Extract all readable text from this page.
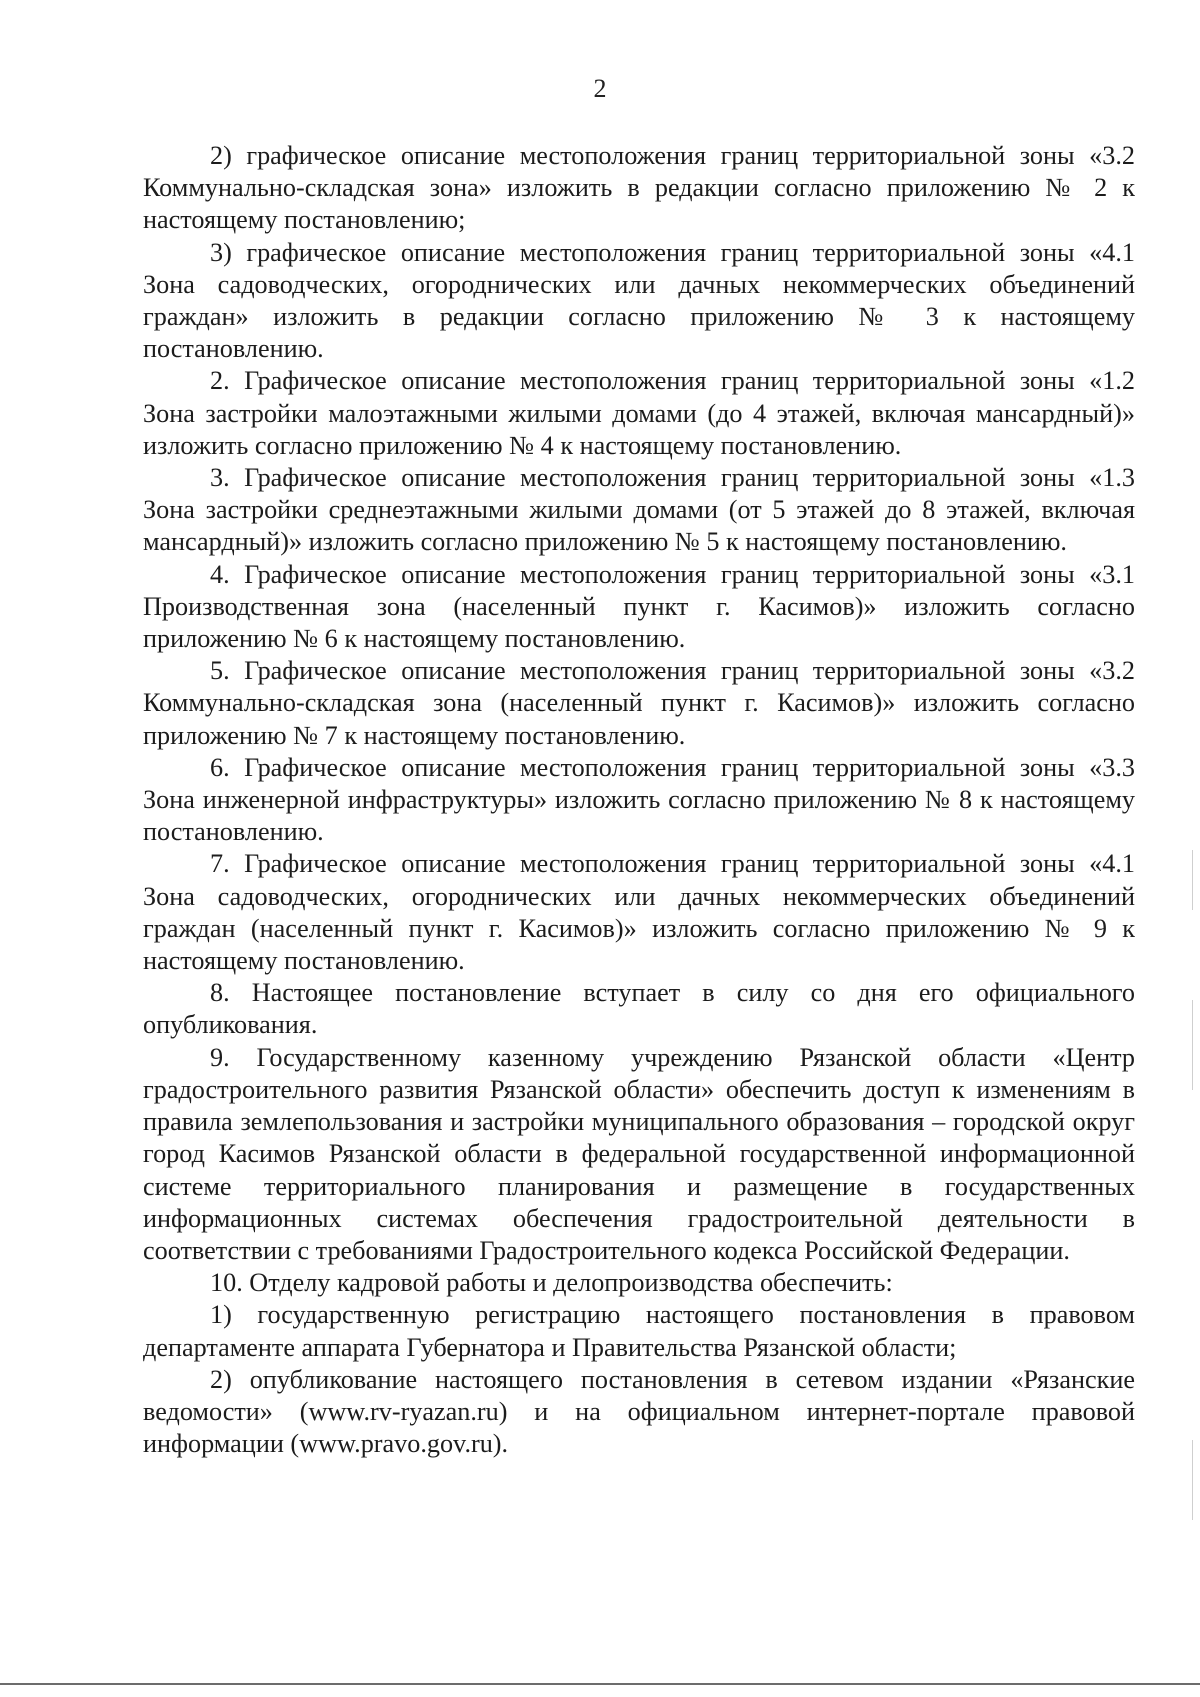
2

2) графическое описание местоположения границ территориальной зоны «3.2 Коммунально-складская зона» изложить в редакции согласно приложению № 2 к настоящему постановлению;

3) графическое описание местоположения границ территориальной зоны «4.1 Зона садоводческих, огороднических или дачных некоммерческих объединений граждан» изложить в редакции согласно приложению № 3 к настоящему постановлению.

2. Графическое описание местоположения границ территориальной зоны «1.2 Зона застройки малоэтажными жилыми домами (до 4 этажей, включая мансардный)» изложить согласно приложению № 4 к настоящему постановлению.

3. Графическое описание местоположения границ территориальной зоны «1.3 Зона застройки среднеэтажными жилыми домами (от 5 этажей до 8 этажей, включая мансардный)» изложить согласно приложению № 5 к настоящему постановлению.

4. Графическое описание местоположения границ территориальной зоны «3.1 Производственная зона (населенный пункт г. Касимов)» изложить согласно приложению № 6 к настоящему постановлению.

5. Графическое описание местоположения границ территориальной зоны «3.2 Коммунально-складская зона (населенный пункт г. Касимов)» изложить согласно приложению № 7 к настоящему постановлению.

6. Графическое описание местоположения границ территориальной зоны «3.3 Зона инженерной инфраструктуры» изложить согласно приложению № 8 к настоящему постановлению.

7. Графическое описание местоположения границ территориальной зоны «4.1 Зона садоводческих, огороднических или дачных некоммерческих объединений граждан (населенный пункт г. Касимов)» изложить согласно приложению № 9 к настоящему постановлению.

8. Настоящее постановление вступает в силу со дня его официального опубликования.

9. Государственному казенному учреждению Рязанской области «Центр градостроительного развития Рязанской области» обеспечить доступ к изменениям в правила землепользования и застройки муниципального образования – городской округ город Касимов Рязанской области в федеральной государственной информационной системе территориального планирования и размещение в государственных информационных системах обеспечения градостроительной деятельности в соответствии с требованиями Градостроительного кодекса Российской Федерации.

10. Отделу кадровой работы и делопроизводства обеспечить:

1) государственную регистрацию настоящего постановления в правовом департаменте аппарата Губернатора и Правительства Рязанской области;

2) опубликование настоящего постановления в сетевом издании «Рязанские ведомости» (www.rv-ryazan.ru) и на официальном интернет-портале правовой информации (www.pravo.gov.ru).
